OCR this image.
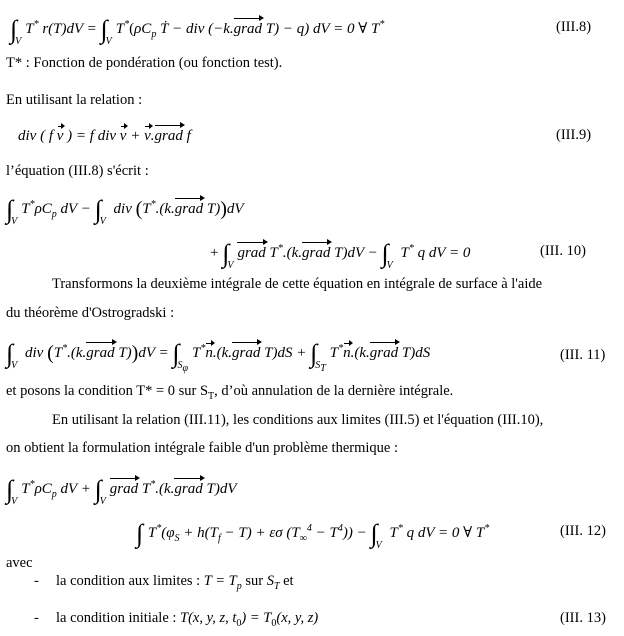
∫VT* $r(T)dV = \int VT^*(\rho C_p$ Ṫ − div (−k.grad T) − q) dV = 0 ∀ T*	(III.8)
T* : Fonction de pondération (ou fonction test).
En utilisant la relation :
div ( f v ) = f div v + v.grad f	(III.9)
l’équation (III.8) s'écrit :
$\int VT^*\rho C_p$ dV − ∫V div (T*.(k.grad T))dV
+ ∫Vgrad T*.(k.grad T)dV − ∫V T* q dV = 0	(III. 10)
Transformons la deuxième intégrale de cette équation en intégrale de surface à l'aide
du théorème d'Ostrogradski :
∫V div (T*.(k.grad $T))dV = \int S_\varphi T^*n.(k.grad$ $T)dS + \int S_TT^*n.(k.grad$ T)dS	(III. 11)
et posons la condition T* = 0 sur $S_T$, d’où annulation de la dernière intégrale.
En utilisant la relation (III.11), les conditions aux limites (III.5) et l'équation (III.10),
on obtient la formulation intégrale faible d'un problème thermique :
$\int VT^*\rho C_p$ dV + ∫Vgrad T*.(k.grad T)dV
∫ $T^*(\varphi_S + h(T_f - T) + \varepsilon\sigma$ $(T_\infty^4 - T^4)) - \int V$ T* q dV = 0 ∀ T*	(III. 12)
avec
- la condition aux limites : $T = T_p$ sur $S_T$ et
- la condition initiale : T(x, y, z, $t_0) = T_0(x$, y, z)	(III. 13)
